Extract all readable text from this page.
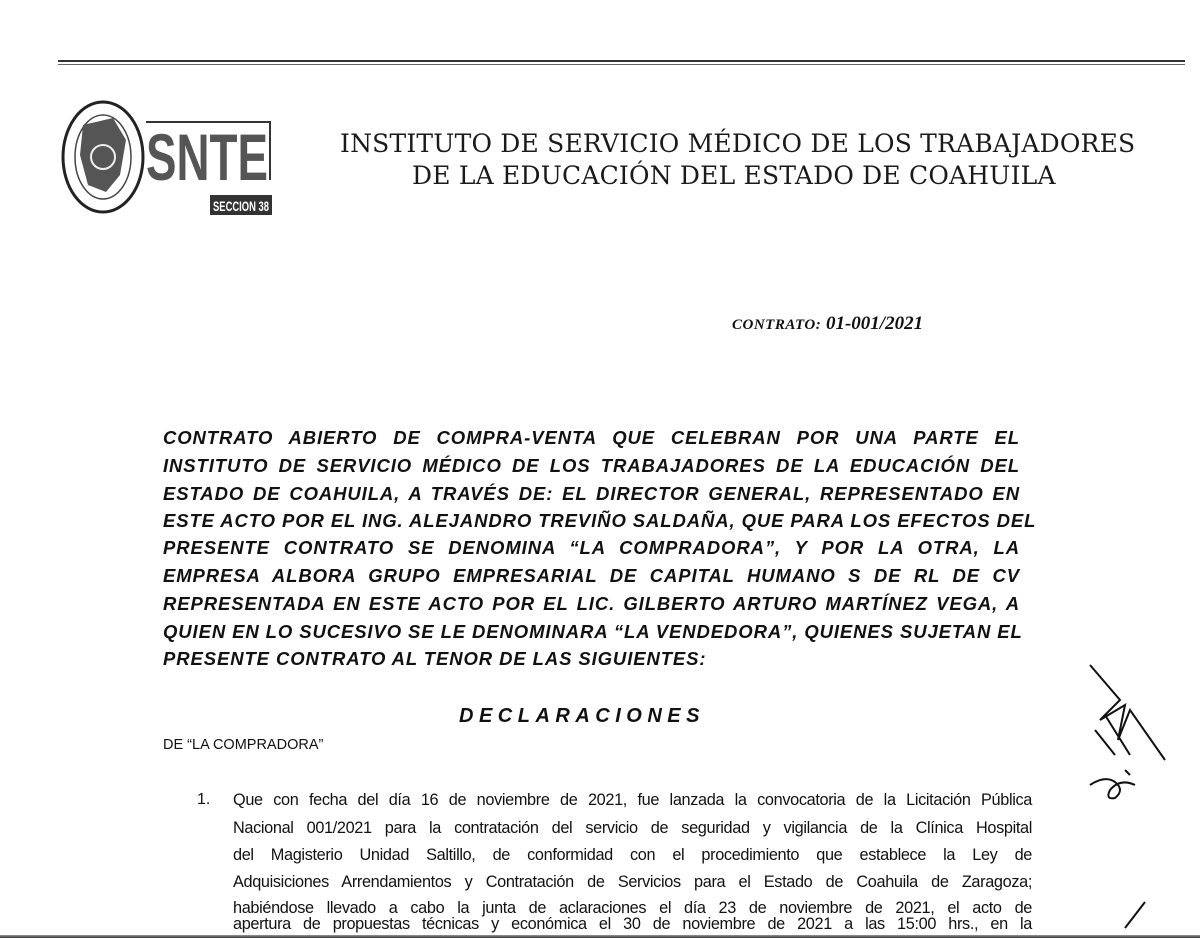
SNTE
SECCION 38
INSTITUTO DE SERVICIO MÉDICO DE LOS TRABAJADORES
DE LA EDUCACIÓN DEL ESTADO DE COAHUILA
CONTRATO: 01-001/2021
CONTRATO ABIERTO DE COMPRA-VENTA QUE CELEBRAN POR UNA PARTE EL
INSTITUTO DE SERVICIO MÉDICO DE LOS TRABAJADORES DE LA EDUCACIÓN DEL
ESTADO DE COAHUILA, A TRAVÉS DE: EL DIRECTOR GENERAL, REPRESENTADO EN
ESTE ACTO POR EL ING. ALEJANDRO TREVIÑO SALDAÑA, QUE PARA LOS EFECTOS DEL
PRESENTE CONTRATO SE DENOMINA “LA COMPRADORA”, Y POR LA OTRA, LA
EMPRESA ALBORA GRUPO EMPRESARIAL DE CAPITAL HUMANO S DE RL DE CV
REPRESENTADA EN ESTE ACTO POR EL LIC. GILBERTO ARTURO MARTÍNEZ VEGA, A
QUIEN EN LO SUCESIVO SE LE DENOMINARA “LA VENDEDORA”, QUIENES SUJETAN EL
PRESENTE CONTRATO AL TENOR DE LAS SIGUIENTES:
DECLARACIONES
DE “LA COMPRADORA”
1. Que con fecha del día 16 de noviembre de 2021, fue lanzada la convocatoria de la Licitación Pública
Nacional 001/2021 para la contratación del servicio de seguridad y vigilancia de la Clínica Hospital
del Magisterio Unidad Saltillo, de conformidad con el procedimiento que establece la Ley de
Adquisiciones Arrendamientos y Contratación de Servicios para el Estado de Coahuila de Zaragoza;
habiéndose llevado a cabo la junta de aclaraciones el día 23 de noviembre de 2021, el acto de
apertura de propuestas técnicas y económica el 30 de noviembre de 2021 a las 15:00 hrs., en la
